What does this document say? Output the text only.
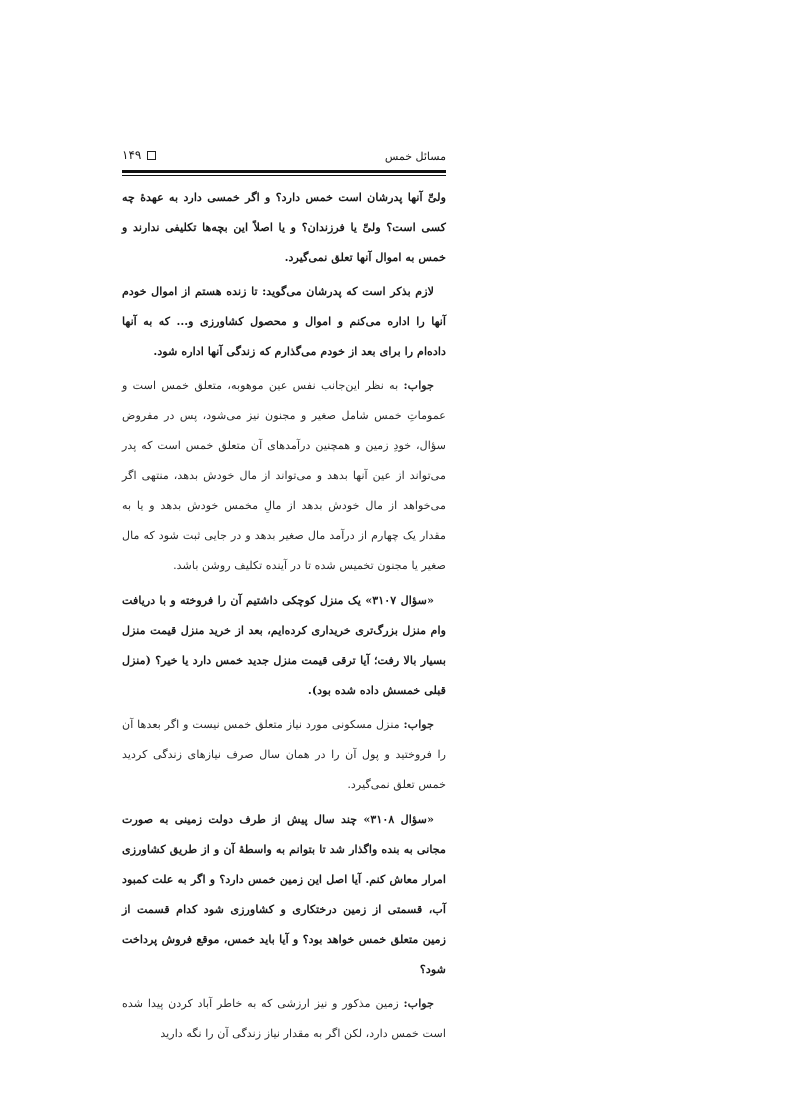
۱۴۹	مسائل خمس

ولیِّ آنها پدرشان است خمس دارد؟ و اگر خمسی دارد به عهدهٔ چه کسی است؟ ولیِّ یا فرزندان؟ و یا اصلاً این بچه‌ها تکلیفی ندارند و خمس به اموال آنها تعلق نمی‌گیرد.

لازم بذکر است که پدرشان می‌گوید: تا زنده هستم از اموال خودم آنها را اداره می‌کنم و اموال و محصول کشاورزی و... که به آنها داده‌ام را برای بعد از خودم می‌گذارم که زندگی آنها اداره شود.

جواب: به نظر این‌جانب نفس عین موهوبه، متعلق خمس است و عموماتِ خمس شامل صغیر و مجنون نیز می‌شود، پس در مفروض سؤال، خودِ زمین و همچنین درآمدهای آن متعلق خمس است که پدر می‌تواند از عین آنها بدهد و می‌تواند از مال خودش بدهد، منتهی اگر می‌خواهد از مال خودش بدهد از مالِ مخمس خودش بدهد و یا به مقدار یک چهارم از درآمد مال صغیر بدهد و در جایی ثبت شود که مال صغیر یا مجنون تخمیس شده تا در آینده تکلیف روشن باشد.

«سؤال ۳۱۰۷» یک منزل کوچکی داشتیم آن را فروخته و با دریافت وام منزل بزرگ‌تری خریداری کرده‌ایم، بعد از خرید منزل قیمت منزل بسیار بالا رفت؛ آیا ترقی قیمت منزل جدید خمس دارد یا خیر؟ (منزل قبلی خمسش داده شده بود).

جواب: منزل مسکونی مورد نیاز متعلق خمس نیست و اگر بعدها آن را فروختید و پول آن را در همان سال صرف نیازهای زندگی کردید خمس تعلق نمی‌گیرد.

«سؤال ۳۱۰۸» چند سال پیش از طرف دولت زمینی به صورت مجانی به بنده واگذار شد تا بتوانم به واسطهٔ آن و از طریق کشاورزی امرار معاش کنم. آیا اصل این زمین خمس دارد؟ و اگر به علت کمبود آب، قسمتی از زمین درختکاری و کشاورزی شود کدام قسمت از زمین متعلق خمس خواهد بود؟ و آیا باید خمس، موقع فروش پرداخت شود؟

جواب: زمین مذکور و نیز ارزشی که به خاطر آباد کردن پیدا شده است خمس دارد، لکن اگر به مقدار نیاز زندگی آن را نگه دارید
